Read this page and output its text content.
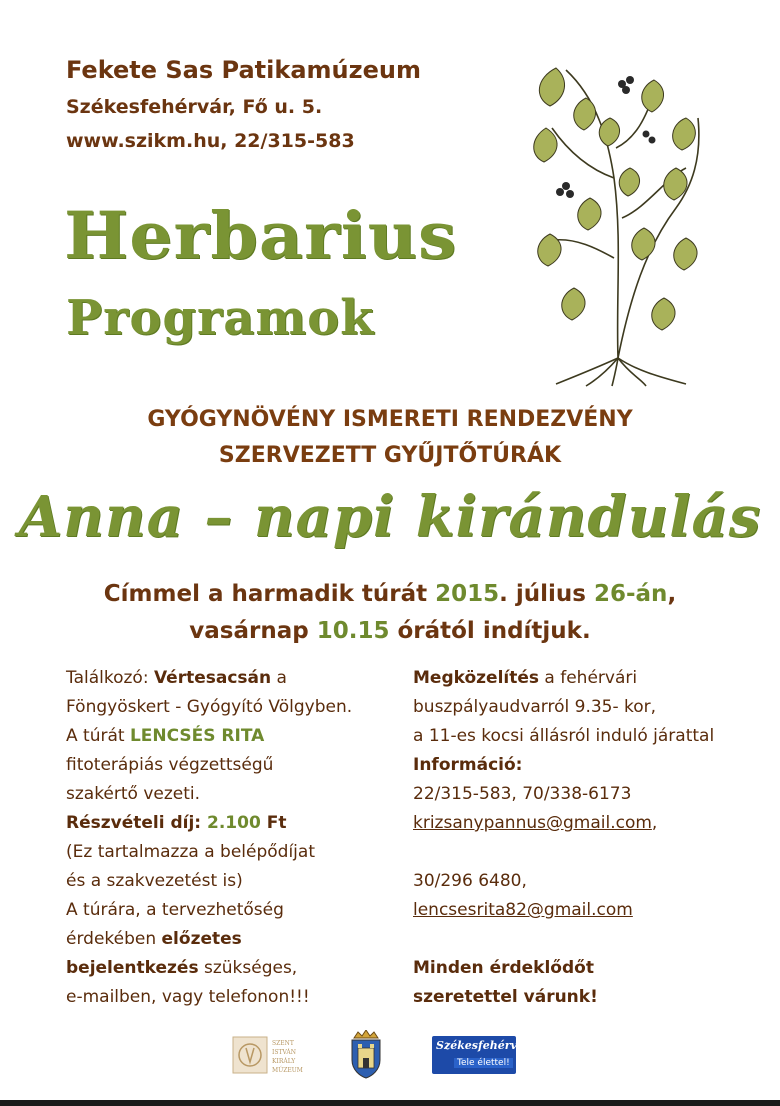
Fekete Sas Patikamúzeum
Székesfehérvár, Fő u. 5.
www.szikm.hu, 22/315-583
Herbarius
Programok
GYÓGYNÖVÉNY ISMERETI RENDEZVÉNY
SZERVEZETT GYŰJTŐTÚRÁK
Anna – napi kirándulás
Címmel a harmadik túrát 2015. július 26-án,
vasárnap 10.15 órától indítjuk.
Találkozó: Vértesacsán a
Föngyöskert - Gyógyító Völgyben.
A túrát LENCSÉS RITA
fitoterápiás végzettségű
szakértő vezeti.
Részvételi díj: 2.100 Ft
(Ez tartalmazza a belépődíjat
és a szakvezetést is)
A túrára, a tervezhetőség
érdekében előzetes
bejelentkezés szükséges,
e-mailben, vagy telefonon!!!
Megközelítés a fehérvári
buszpályaudvarról 9.35- kor,
a 11-es kocsi állásról induló járattal
Információ:
22/315-583, 70/338-6173
krizsanypannus@gmail.com,
30/296 6480,
lencsesrita82@gmail.com
Minden érdeklődőt
szeretettel várunk!
SZENT
ISTVÁN
KIRÁLY
MÚZEUM
Székesfehérvár
Tele élettel!
